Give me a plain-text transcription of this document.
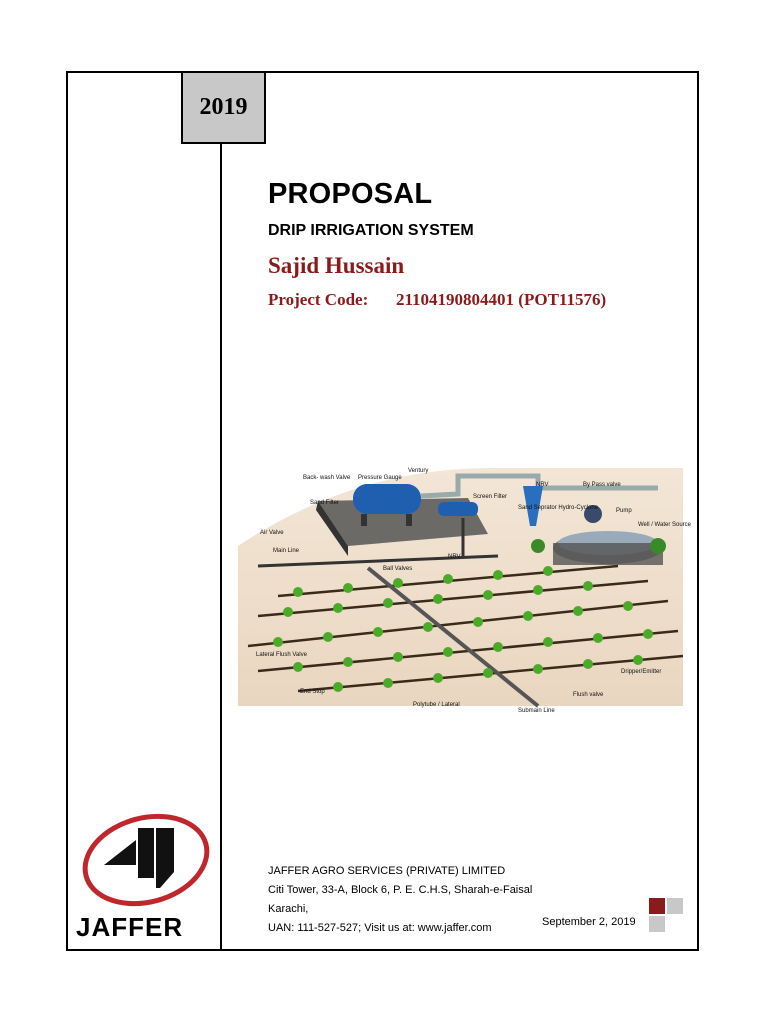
2019
PROPOSAL
DRIP IRRIGATION SYSTEM
Sajid Hussain
Project Code: 21104190804401 (POT11576)
Back- wash Valve Pressure Gauge
Ventury
Sand Filter
Screen Filter
NRV	By Pass valve
Sand Seprator Hydro-Cyclone	Pump
Well / Water Source
Air Valve
Main Line
NRV
Ball Valves
Lateral Flush Valve
End Stop
Polytube / Lateral
Submain Line
Flush valve
Dripper/Emitter
JAFFER
JAFFER AGRO SERVICES (PRIVATE) LIMITED
Citi Tower, 33-A, Block 6, P. E. C.H.S, Sharah-e-Faisal
Karachi,
UAN: 111-527-527; Visit us at: www.jaffer.com	September 2, 2019
